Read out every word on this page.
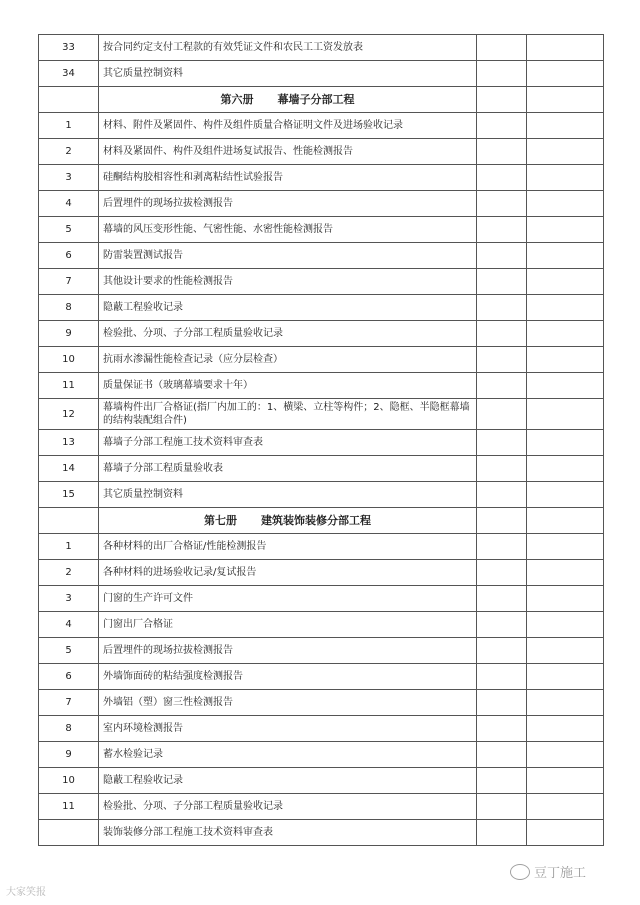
33	按合同约定支付工程款的有效凭证文件和农民工工资发放表		
34	其它质量控制资料		
	第六册 幕墙子分部工程		
1	材料、附件及紧固件、构件及组件质量合格证明文件及进场验收记录		
2	材料及紧固件、构件及组件进场复试报告、性能检测报告		
3	硅酮结构胶相容性和剥离粘结性试验报告		
4	后置埋件的现场拉拔检测报告		
5	幕墙的风压变形性能、气密性能、水密性能检测报告		
6	防雷装置测试报告		
7	其他设计要求的性能检测报告		
8	隐蔽工程验收记录		
9	检验批、分项、子分部工程质量验收记录		
10	抗雨水渗漏性能检查记录（应分层检查）		
11	质量保证书（玻璃幕墙要求十年）		
12	幕墙构件出厂合格证(指厂内加工的：1、横梁、立柱等构件；2、隐框、半隐框幕墙的结构装配组合件)		
13	幕墙子分部工程施工技术资料审查表		
14	幕墙子分部工程质量验收表		
15	其它质量控制资料		
	第七册 建筑装饰装修分部工程		
1	各种材料的出厂合格证/性能检测报告		
2	各种材料的进场验收记录/复试报告		
3	门窗的生产许可文件		
4	门窗出厂合格证		
5	后置埋件的现场拉拔检测报告		
6	外墙饰面砖的粘结强度检测报告		
7	外墙铝（塑）窗三性检测报告		
8	室内环境检测报告		
9	蓄水检验记录		
10	隐蔽工程验收记录		
11	检验批、分项、子分部工程质量验收记录		
	装饰装修分部工程施工技术资料审查表		
大家笑报
豆丁施工
